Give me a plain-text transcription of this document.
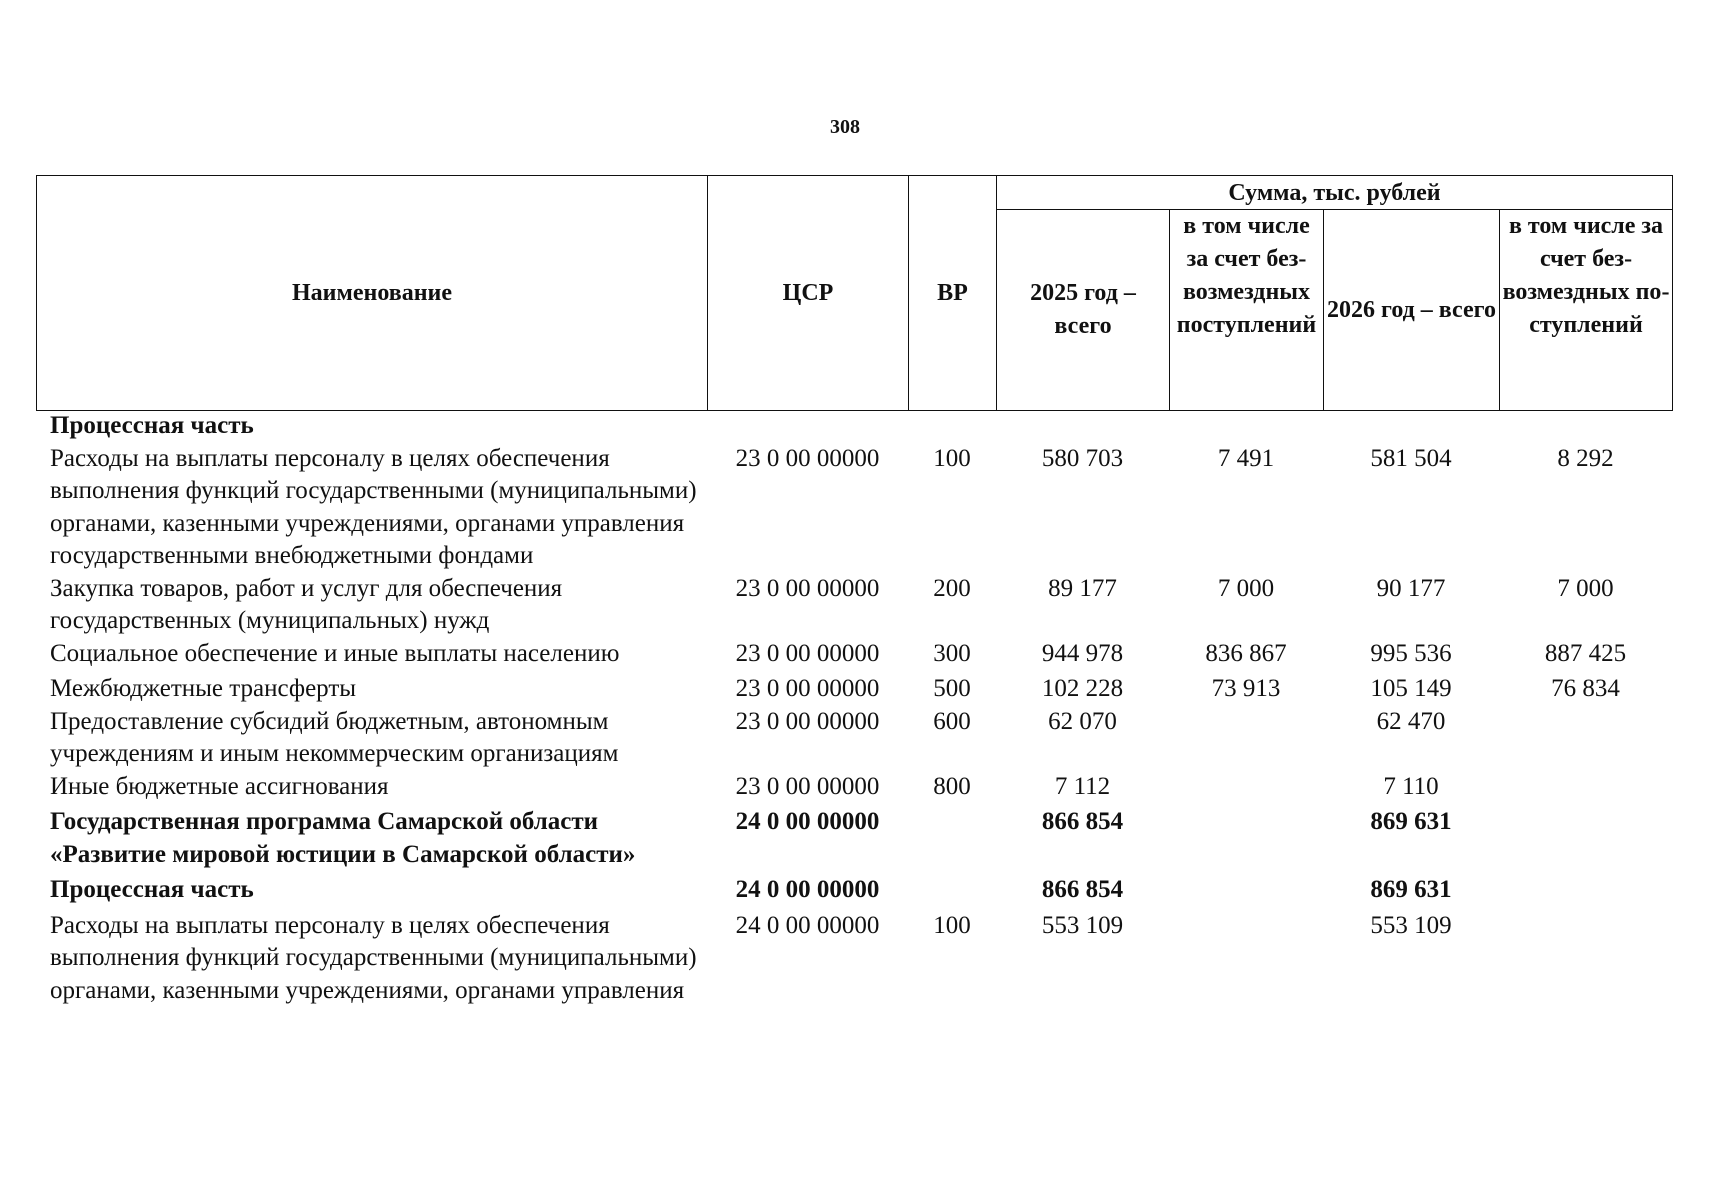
308
Наименование	ЦСР	ВР	Сумма, тыс. рублей			
			2025 год – всего	в том числе за счет безвозмездных поступлений	2026 год – всего	в том числе за счет безвозмездных поступлений
Процессная часть						
Расходы на выплаты персоналу в целях обеспечения выполнения функций государственными (муниципальными) органами, казенными учреждениями, органами управления государственными внебюджетными фондами	23 0 00 00000	100	580 703	7 491	581 504	8 292
Закупка товаров, работ и услуг для обеспечения государственных (муниципальных) нужд	23 0 00 00000	200	89 177	7 000	90 177	7 000
Социальное обеспечение и иные выплаты населению	23 0 00 00000	300	944 978	836 867	995 536	887 425
Межбюджетные трансферты	23 0 00 00000	500	102 228	73 913	105 149	76 834
Предоставление субсидий бюджетным, автономным учреждениям и иным некоммерческим организациям	23 0 00 00000	600	62 070		62 470	
Иные бюджетные ассигнования	23 0 00 00000	800	7 112		7 110	
Государственная программа Самарской области «Развитие мировой юстиции в Самарской области»	24 0 00 00000		866 854		869 631	
Процессная часть	24 0 00 00000		866 854		869 631	
Расходы на выплаты персоналу в целях обеспечения выполнения функций государственными (муниципальными) органами, казенными учреждениями, органами управления	24 0 00 00000	100	553 109		553 109	
